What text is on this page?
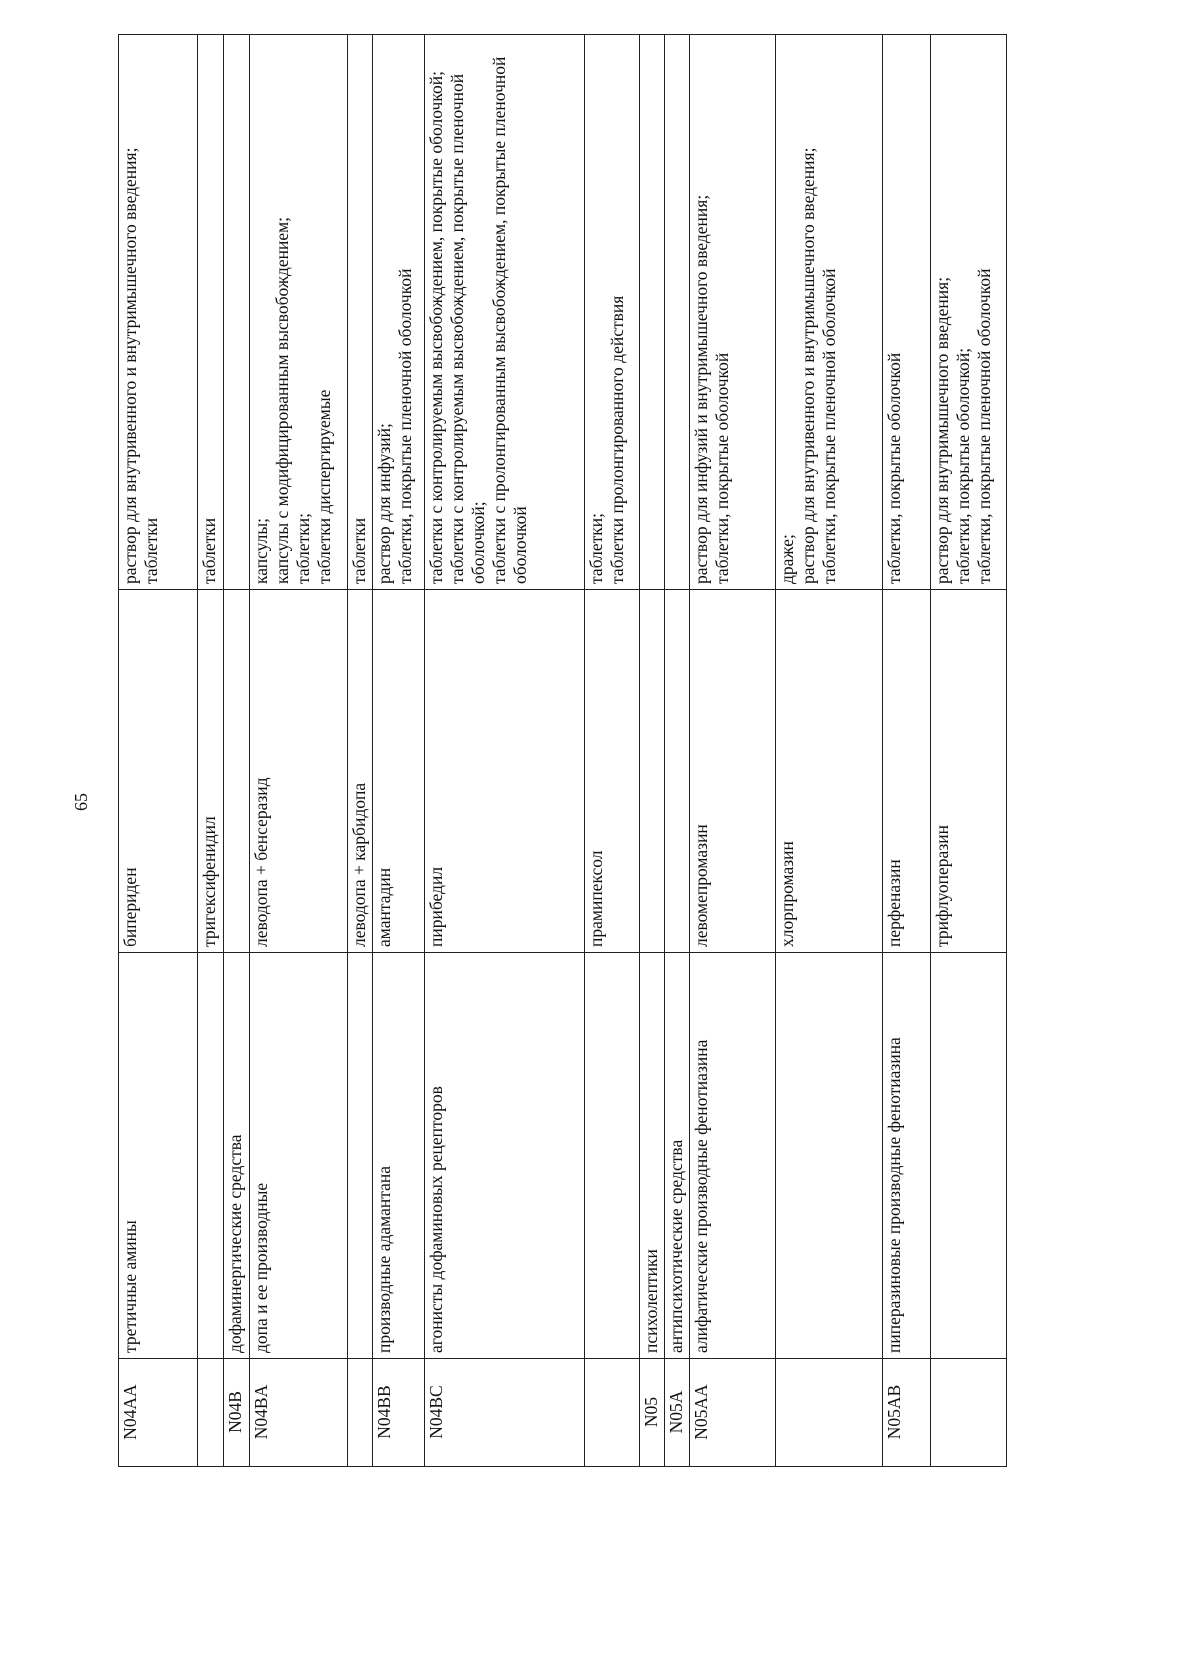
65
N04AA	третичные амины	бипериден	раствор для внутривенного и внутримышечного введения; таблетки

		тригексифенидил	таблетки

N04B	дофаминергические средства		
N04BA	допа и ее производные	леводопа + бенсеразид	капсулы; капсулы с модифицированным высвобождением; таблетки; таблетки диспергируемые

		леводопа + карбидопа	таблетки

N04BB	производные адамантана	амантадин	раствор для инфузий; таблетки, покрытые пленочной оболочкой

N04BC	агонисты дофаминовых рецепторов	пирибедил	таблетки с контролируемым высвобождением, покрытые оболочкой; таблетки с контролируемым высвобождением, покрытые пленочной оболочкой; таблетки с пролонгированным высвобождением, покрытые пленочной оболочкой

		прамипексол	таблетки; таблетки пролонгированного действия

N05	психолептики		
N05A	антипсихотические средства		
N05AA	алифатические производные фенотиазина	левомепромазин	раствор для инфузий и внутримышечного введения; таблетки, покрытые оболочкой

		хлорпромазин	драже; раствор для внутривенного и внутримышечного введения; таблетки, покрытые пленочной оболочкой

N05AB	пиперазиновые производные фенотиазина	перфеназин	таблетки, покрытые оболочкой

		трифлуоперазин	раствор для внутримышечного введения; таблетки, покрытые оболочкой; таблетки, покрытые пленочной оболочкой
